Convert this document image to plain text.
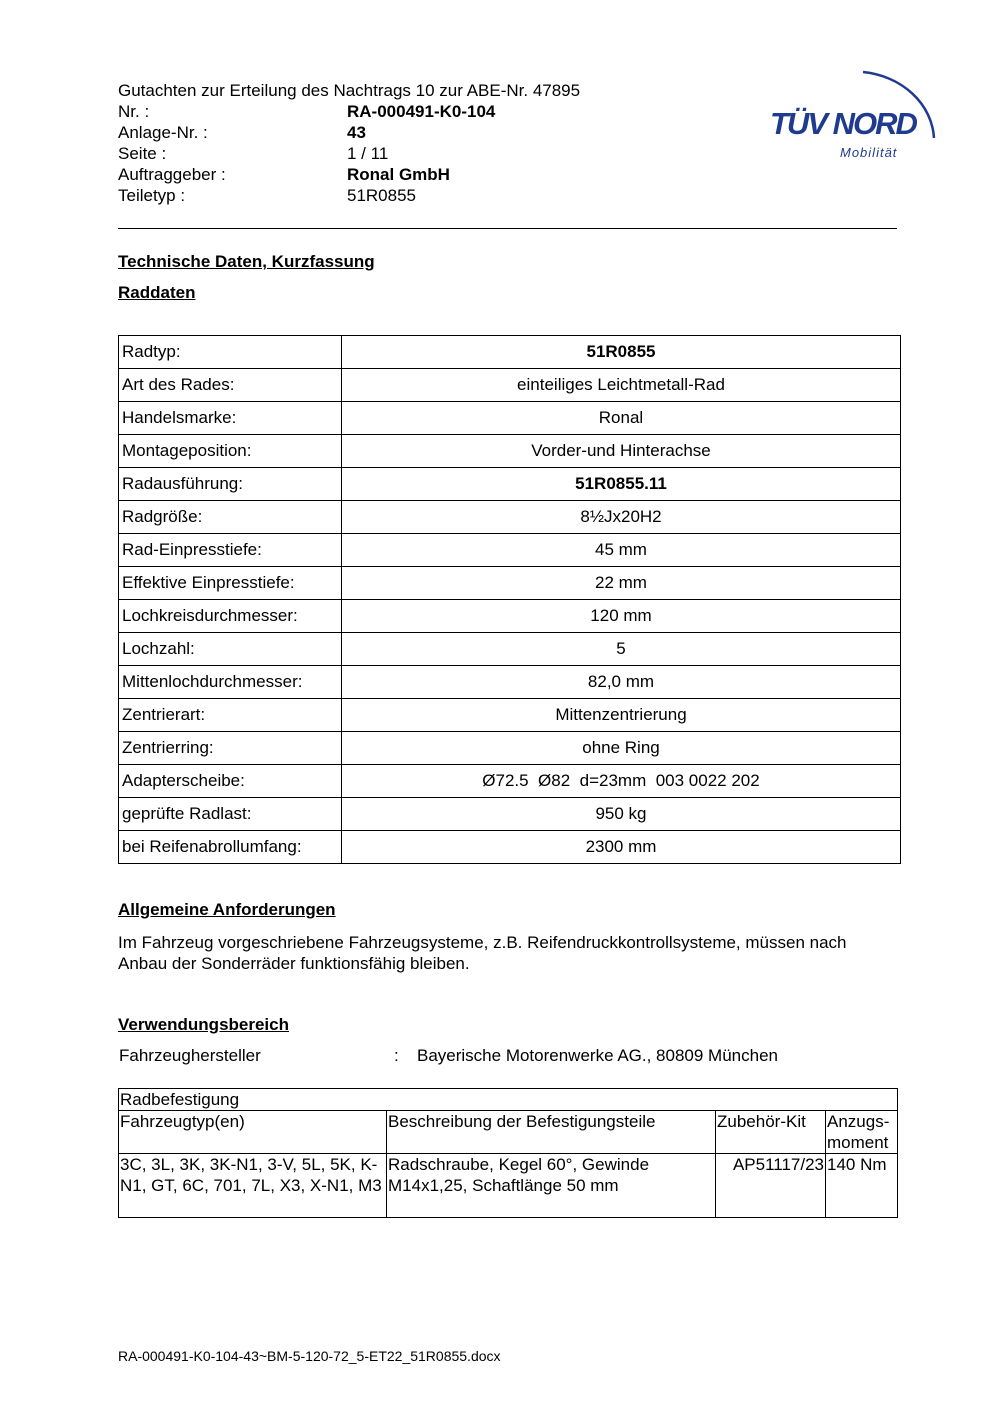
Gutachten zur Erteilung des Nachtrags 10 zur ABE-Nr. 47895
Nr. :	RA-000491-K0-104
Anlage-Nr. :	43
Seite :	1 / 11
Auftraggeber :	Ronal GmbH
Teiletyp :	51R0855
TÜV NORD
Mobilität
Technische Daten, Kurzfassung
Raddaten
Radtyp:	51R0855
Art des Rades:	einteiliges Leichtmetall-Rad
Handelsmarke:	Ronal
Montageposition:	Vorder-und Hinterachse
Radausführung:	51R0855.11
Radgröße:	8½Jx20H2
Rad-Einpresstiefe:	45 mm
Effektive Einpresstiefe:	22 mm
Lochkreisdurchmesser:	120 mm
Lochzahl:	5
Mittenlochdurchmesser:	82,0 mm
Zentrierart:	Mittenzentrierung
Zentrierring:	ohne Ring
Adapterscheibe:	Ø72.5  Ø82  d=23mm  003 0022 202
geprüfte Radlast:	950 kg
bei Reifenabrollumfang:	2300 mm
Allgemeine Anforderungen
Im Fahrzeug vorgeschriebene Fahrzeugsysteme, z.B. Reifendruckkontrollsysteme, müssen nach Anbau der Sonderräder funktionsfähig bleiben.
Verwendungsbereich
Fahrzeughersteller	: Bayerische Motorenwerke AG., 80809 München
Radbefestigung			
Fahrzeugtyp(en)	Beschreibung der Befestigungsteile	Zubehör-Kit	Anzugs-moment
3C, 3L, 3K, 3K-N1, 3-V, 5L, 5K, K-N1, GT, 6C, 701, 7L, X3, X-N1, M3	Radschraube, Kegel 60°, Gewinde M14x1,25, Schaftlänge 50 mm	AP51117/23	140 Nm
RA-000491-K0-104-43~BM-5-120-72_5-ET22_51R0855.docx
